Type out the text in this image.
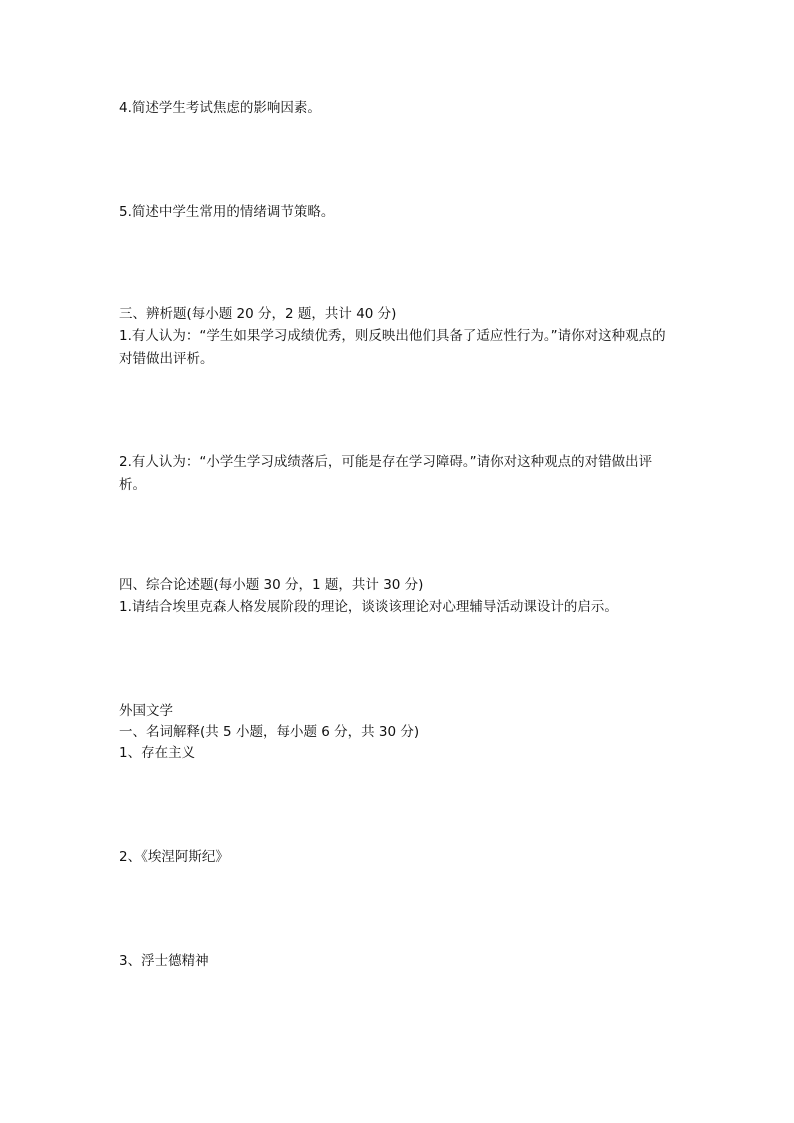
4.简述学生考试焦虑的影响因素。
5.简述中学生常用的情绪调节策略。
三、辨析题(每小题 20 分，2 题，共计 40 分)
1.有人认为：“学生如果学习成绩优秀，则反映出他们具备了适应性行为。”请你对这种观点的对错做出评析。
2.有人认为：“小学生学习成绩落后，可能是存在学习障碍。”请你对这种观点的对错做出评析。
四、综合论述题(每小题 30 分，1 题，共计 30 分)
1.请结合埃里克森人格发展阶段的理论，谈谈该理论对心理辅导活动课设计的启示。
外国文学
一、名词解释(共 5 小题，每小题 6 分，共 30 分)
1、存在主义
2、《埃涅阿斯纪》
3、浮士德精神
